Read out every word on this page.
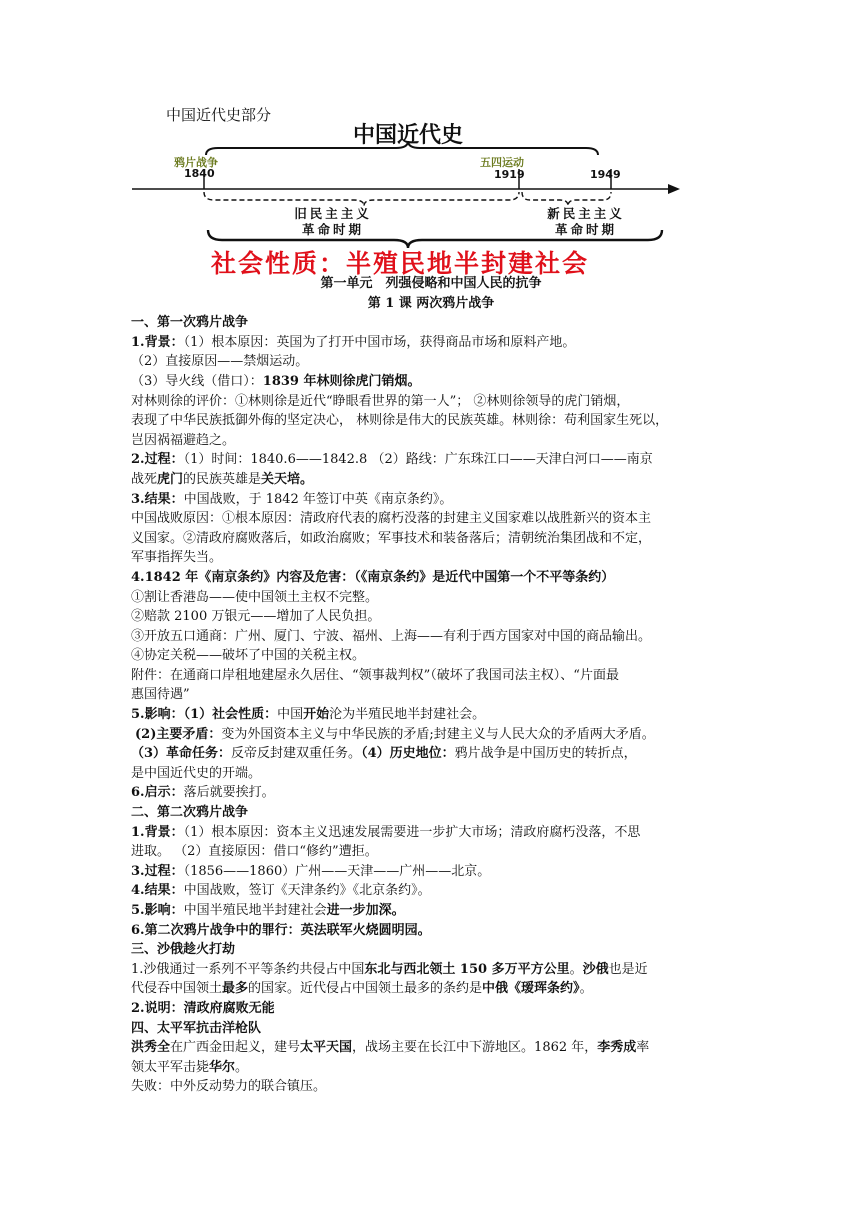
中国近代史部分
中国近代史
鸦片战争
1840
五四运动
1919	1949
旧民主主义
革命时期
新民主主义
革命时期
社会性质：半殖民地半封建社会

第一单元　列强侵略和中国人民的抗争

第 1 课 两次鸦片战争

一、第一次鸦片战争

1.背景：（1）根本原因：英国为了打开中国市场，获得商品市场和原料产地。

（2）直接原因——禁烟运动。

（3）导火线（借口）：1839 年林则徐虎门销烟。

对林则徐的评价：①林则徐是近代“睁眼看世界的第一人”； ②林则徐领导的虎门销烟，

表现了中华民族抵御外侮的坚定决心， 林则徐是伟大的民族英雄。林则徐：苟利国家生死以，

岂因祸福避趋之。

2.过程：（1）时间：1840.6——1842.8 （2）路线：广东珠江口——天津白河口——南京

战死虎门的民族英雄是关天培。

3.结果：中国战败，于 1842 年签订中英《南京条约》。

中国战败原因：①根本原因：清政府代表的腐朽没落的封建主义国家难以战胜新兴的资本主

义国家。②清政府腐败落后，如政治腐败；军事技术和装备落后；清朝统治集团战和不定，

军事指挥失当。

4.1842 年《南京条约》内容及危害：（《南京条约》是近代中国第一个不平等条约）

①割让香港岛——使中国领土主权不完整。

②赔款 2100 万银元——增加了人民负担。

③开放五口通商：广州、厦门、宁波、福州、上海——有利于西方国家对中国的商品输出。

④协定关税——破坏了中国的关税主权。

附件：在通商口岸租地建屋永久居住、“领事裁判权”（破坏了我国司法主权）、“片面最

惠国待遇”

5.影响：（1）社会性质：中国开始沦为半殖民地半封建社会。

(2)主要矛盾：变为外国资本主义与中华民族的矛盾;封建主义与人民大众的矛盾两大矛盾。

（3）革命任务：反帝反封建双重任务。（4）历史地位：鸦片战争是中国历史的转折点，

是中国近代史的开端。

6.启示：落后就要挨打。

二、第二次鸦片战争

1.背景：（1）根本原因：资本主义迅速发展需要进一步扩大市场；清政府腐朽没落，不思

进取。 （2）直接原因：借口“修约”遭拒。

3.过程：（1856——1860）广州——天津——广州——北京。

4.结果：中国战败，签订《天津条约》《北京条约》。

5.影响：中国半殖民地半封建社会进一步加深。

6.第二次鸦片战争中的罪行：英法联军火烧圆明园。

三、沙俄趁火打劫

1.沙俄通过一系列不平等条约共侵占中国东北与西北领土 150 多万平方公里。沙俄也是近

代侵吞中国领土最多的国家。近代侵占中国领土最多的条约是中俄《瑷珲条约》。

2.说明：清政府腐败无能

四、太平军抗击洋枪队

洪秀全在广西金田起义，建号太平天国，战场主要在长江中下游地区。1862 年，李秀成率

领太平军击毙华尔。

失败：中外反动势力的联合镇压。
